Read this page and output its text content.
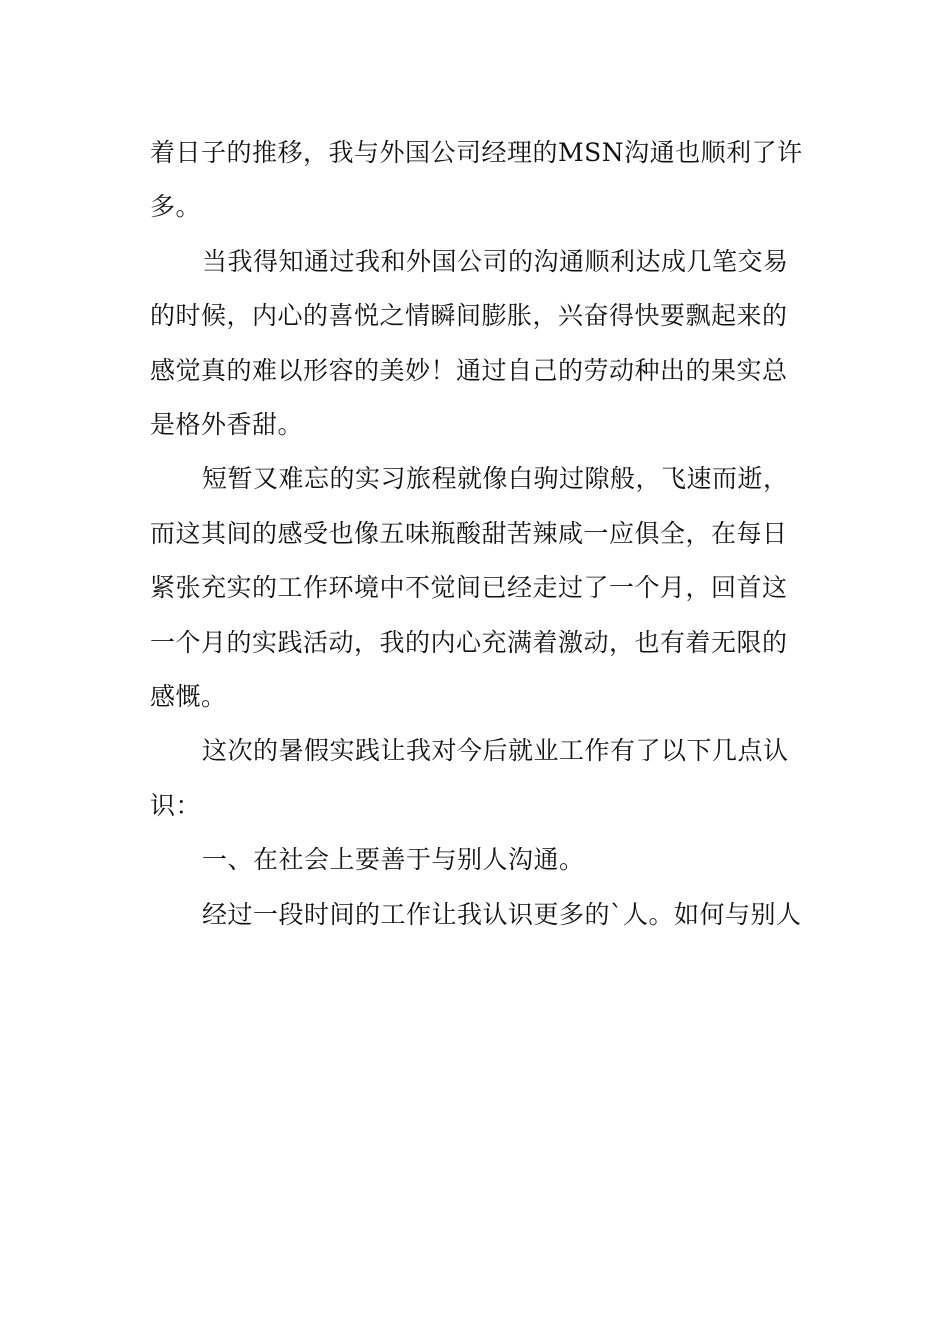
着日子的推移，我与外国公司经理的MSN沟通也顺利了许
多。

当我得知通过我和外国公司的沟通顺利达成几笔交易
的时候，内心的喜悦之情瞬间膨胀，兴奋得快要飘起来的
感觉真的难以形容的美妙！通过自己的劳动种出的果实总
是格外香甜。

短暂又难忘的实习旅程就像白驹过隙般，飞速而逝，
而这其间的感受也像五味瓶酸甜苦辣咸一应俱全，在每日
紧张充实的工作环境中不觉间已经走过了一个月，回首这
一个月的实践活动，我的内心充满着激动，也有着无限的
感慨。

这次的暑假实践让我对今后就业工作有了以下几点认
识：

一、在社会上要善于与别人沟通。

经过一段时间的工作让我认识更多的`人。如何与别人
